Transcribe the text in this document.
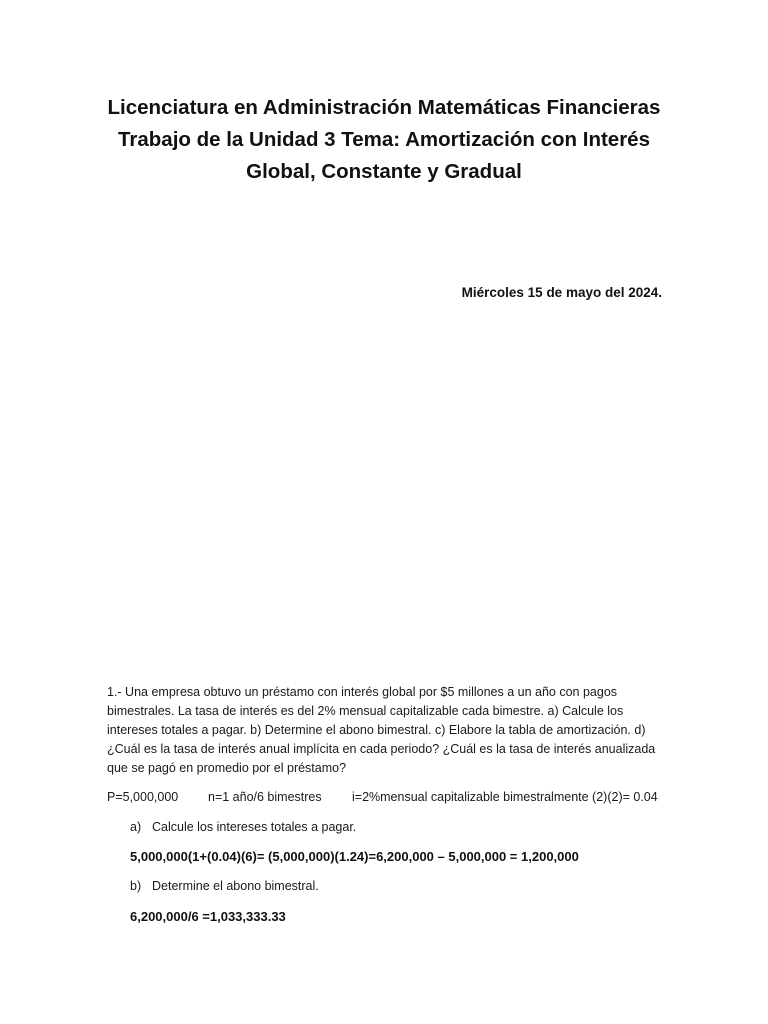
Licenciatura en Administración Matemáticas Financieras
Trabajo de la Unidad 3 Tema: Amortización con Interés
Global, Constante y Gradual
Miércoles 15 de mayo del 2024.
1.- Una empresa obtuvo un préstamo con interés global por $5 millones a un año con pagos
bimestrales. La tasa de interés es del 2% mensual capitalizable cada bimestre. a) Calcule los
intereses totales a pagar. b) Determine el abono bimestral. c) Elabore la tabla de amortización. d)
¿Cuál es la tasa de interés anual implícita en cada periodo? ¿Cuál es la tasa de interés anualizada
que se pagó en promedio por el préstamo?
P=5,000,000 n=1 año/6 bimestres i=2%mensual capitalizable bimestralmente (2)(2)= 0.04
a) Calcule los intereses totales a pagar.
5,000,000(1+(0.04)(6)= (5,000,000)(1.24)=6,200,000 – 5,000,000 = 1,200,000
b) Determine el abono bimestral.
6,200,000/6 =1,033,333.33
